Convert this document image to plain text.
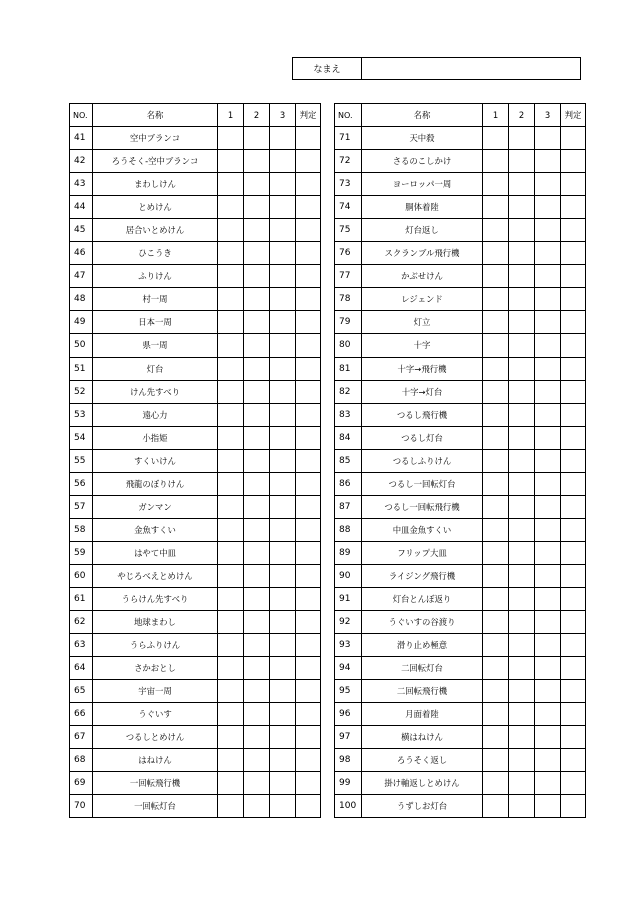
なまえ
NO.	名称	1	2	3	判定
41	空中ブランコ				
42	ろうそく-空中ブランコ				
43	まわしけん				
44	とめけん				
45	居合いとめけん				
46	ひこうき				
47	ふりけん				
48	村一周				
49	日本一周				
50	県一周				
51	灯台				
52	けん先すべり				
53	遠心力				
54	小指姫				
55	すくいけん				
56	飛龍のぼりけん				
57	ガンマン				
58	金魚すくい				
59	はやて中皿				
60	やじろべえとめけん				
61	うらけん先すべり				
62	地球まわし				
63	うらふりけん				
64	さかおとし				
65	宇宙一周				
66	うぐいす				
67	つるしとめけん				
68	はねけん				
69	一回転飛行機				
70	一回転灯台				
NO.	名称	1	2	3	判定
71	天中殺				
72	さるのこしかけ				
73	ヨーロッパ一周				
74	胴体着陸				
75	灯台返し				
76	スクランブル飛行機				
77	かぶせけん				
78	レジェンド				
79	灯立				
80	十字				
81	十字→飛行機				
82	十字→灯台				
83	つるし飛行機				
84	つるし灯台				
85	つるしふりけん				
86	つるし一回転灯台				
87	つるし一回転飛行機				
88	中皿金魚すくい				
89	フリップ大皿				
90	ライジング飛行機				
91	灯台とんぼ返り				
92	うぐいすの谷渡り				
93	滑り止め極意				
94	二回転灯台				
95	二回転飛行機				
96	月面着陸				
97	横はねけん				
98	ろうそく返し				
99	掛け軸返しとめけん				
100	うずしお灯台				
